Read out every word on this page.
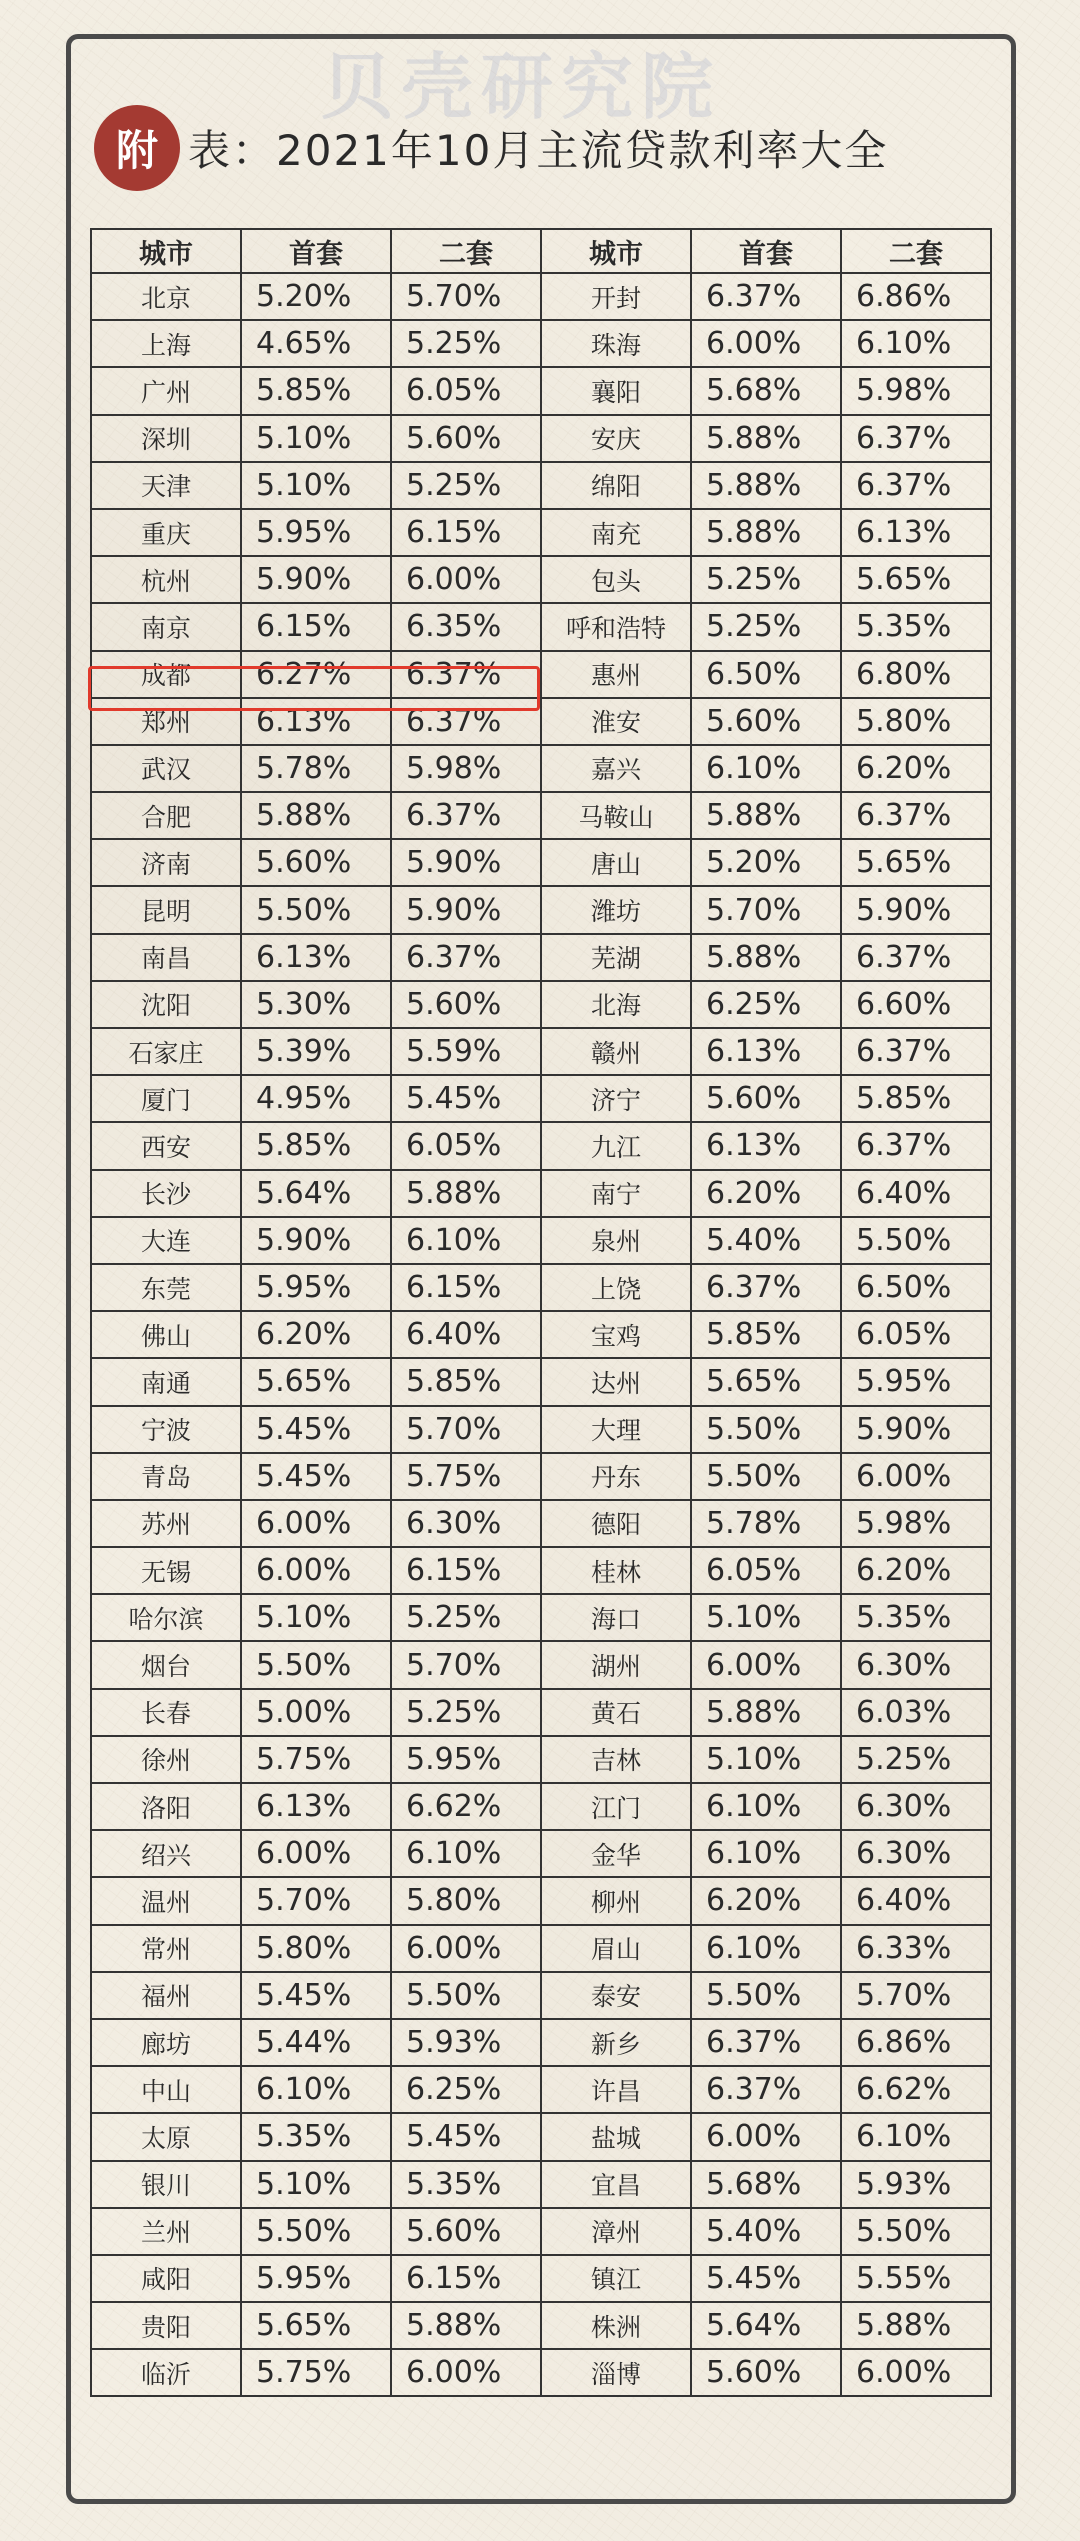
贝壳研究院
附 表：2021年10月主流贷款利率大全
城市	首套	二套	城市	首套	二套
北京	5.20%	5.70%	开封	6.37%	6.86%
上海	4.65%	5.25%	珠海	6.00%	6.10%
广州	5.85%	6.05%	襄阳	5.68%	5.98%
深圳	5.10%	5.60%	安庆	5.88%	6.37%
天津	5.10%	5.25%	绵阳	5.88%	6.37%
重庆	5.95%	6.15%	南充	5.88%	6.13%
杭州	5.90%	6.00%	包头	5.25%	5.65%
南京	6.15%	6.35%	呼和浩特	5.25%	5.35%
成都	6.27%	6.37%	惠州	6.50%	6.80%
郑州	6.13%	6.37%	淮安	5.60%	5.80%
武汉	5.78%	5.98%	嘉兴	6.10%	6.20%
合肥	5.88%	6.37%	马鞍山	5.88%	6.37%
济南	5.60%	5.90%	唐山	5.20%	5.65%
昆明	5.50%	5.90%	潍坊	5.70%	5.90%
南昌	6.13%	6.37%	芜湖	5.88%	6.37%
沈阳	5.30%	5.60%	北海	6.25%	6.60%
石家庄	5.39%	5.59%	赣州	6.13%	6.37%
厦门	4.95%	5.45%	济宁	5.60%	5.85%
西安	5.85%	6.05%	九江	6.13%	6.37%
长沙	5.64%	5.88%	南宁	6.20%	6.40%
大连	5.90%	6.10%	泉州	5.40%	5.50%
东莞	5.95%	6.15%	上饶	6.37%	6.50%
佛山	6.20%	6.40%	宝鸡	5.85%	6.05%
南通	5.65%	5.85%	达州	5.65%	5.95%
宁波	5.45%	5.70%	大理	5.50%	5.90%
青岛	5.45%	5.75%	丹东	5.50%	6.00%
苏州	6.00%	6.30%	德阳	5.78%	5.98%
无锡	6.00%	6.15%	桂林	6.05%	6.20%
哈尔滨	5.10%	5.25%	海口	5.10%	5.35%
烟台	5.50%	5.70%	湖州	6.00%	6.30%
长春	5.00%	5.25%	黄石	5.88%	6.03%
徐州	5.75%	5.95%	吉林	5.10%	5.25%
洛阳	6.13%	6.62%	江门	6.10%	6.30%
绍兴	6.00%	6.10%	金华	6.10%	6.30%
温州	5.70%	5.80%	柳州	6.20%	6.40%
常州	5.80%	6.00%	眉山	6.10%	6.33%
福州	5.45%	5.50%	泰安	5.50%	5.70%
廊坊	5.44%	5.93%	新乡	6.37%	6.86%
中山	6.10%	6.25%	许昌	6.37%	6.62%
太原	5.35%	5.45%	盐城	6.00%	6.10%
银川	5.10%	5.35%	宜昌	5.68%	5.93%
兰州	5.50%	5.60%	漳州	5.40%	5.50%
咸阳	5.95%	6.15%	镇江	5.45%	5.55%
贵阳	5.65%	5.88%	株洲	5.64%	5.88%
临沂	5.75%	6.00%	淄博	5.60%	6.00%
